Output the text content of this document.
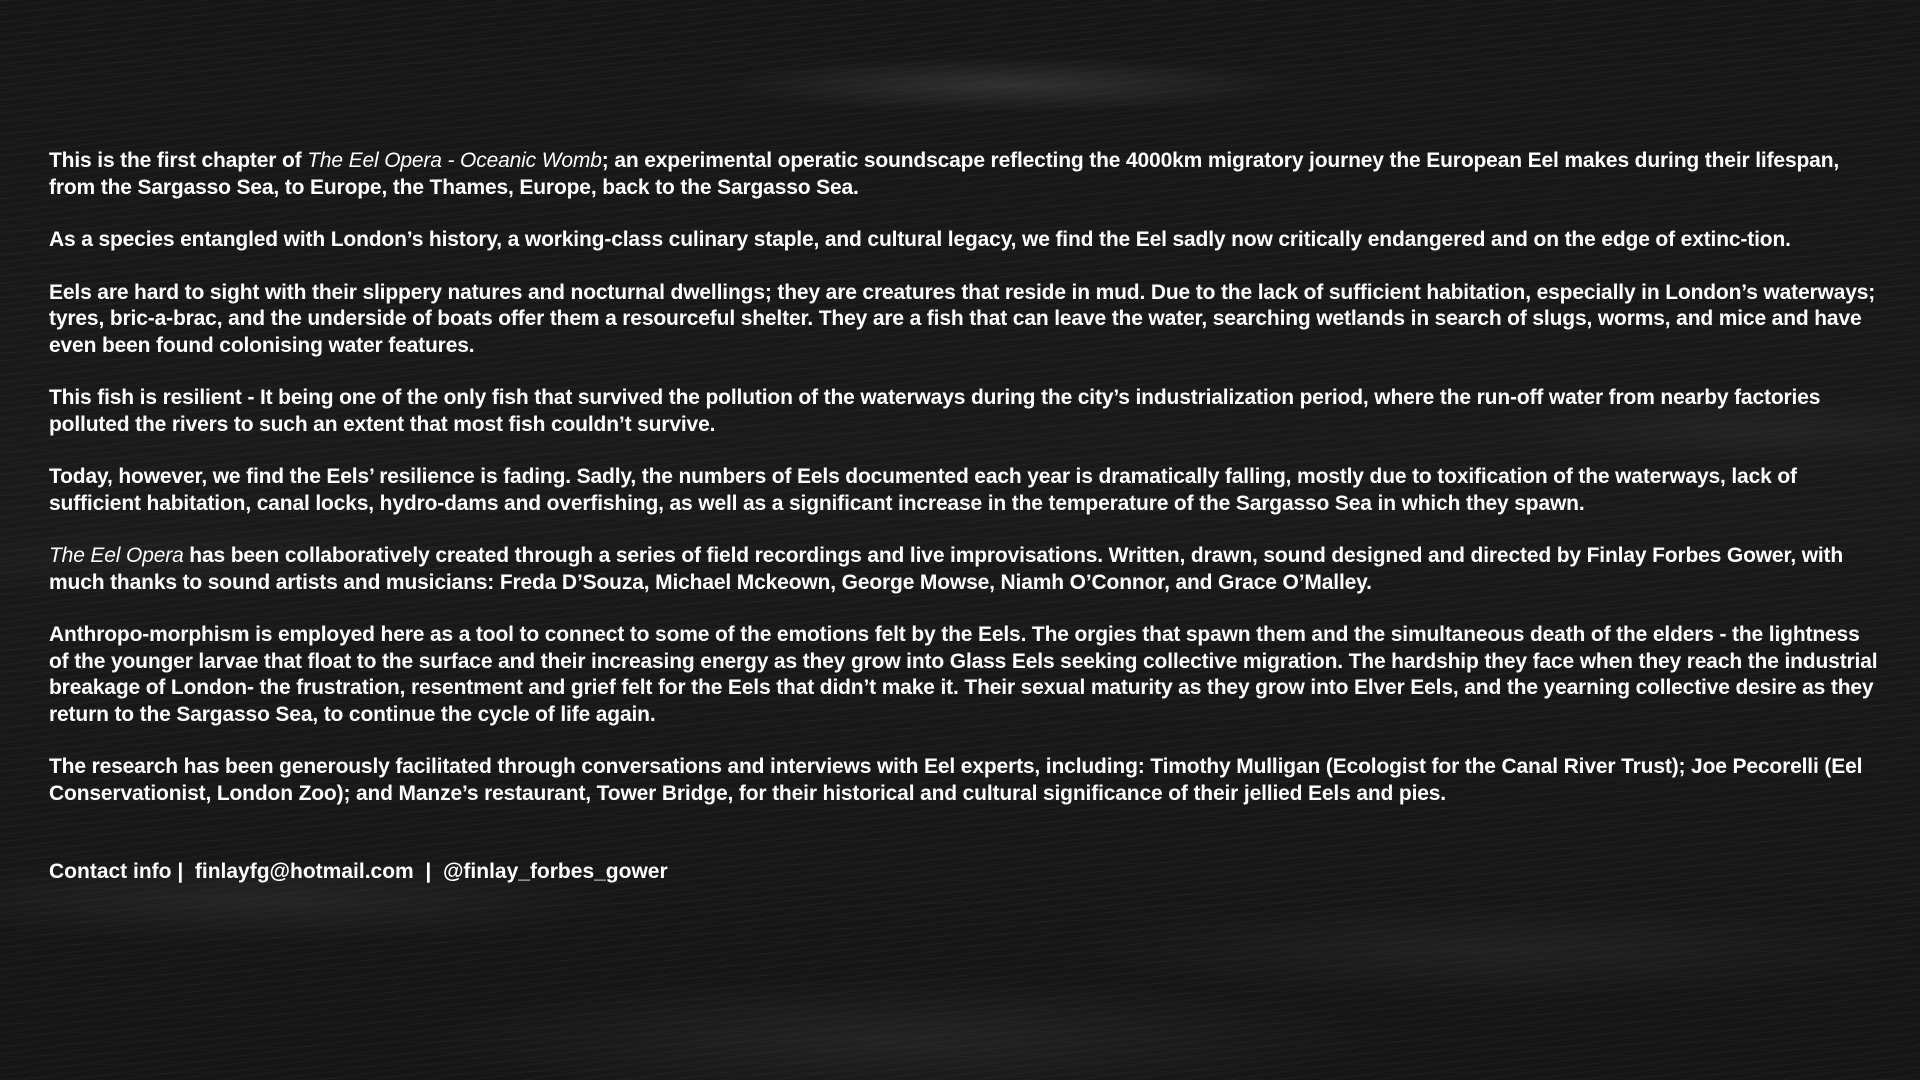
This is the first chapter of The Eel Opera - Oceanic Womb; an experimental operatic soundscape reflecting the 4000km migratory journey the European Eel makes during their lifespan, from the Sargasso Sea, to Europe, the Thames, Europe, back to the Sargasso Sea.

As a species entangled with London’s history, a working-class culinary staple, and cultural legacy, we find the Eel sadly now critically endangered and on the edge of extinc-tion.

Eels are hard to sight with their slippery natures and nocturnal dwellings; they are creatures that reside in mud. Due to the lack of sufficient habitation, especially in London’s waterways; tyres, bric-a-brac, and the underside of boats offer them a resourceful shelter. They are a fish that can leave the water, searching wetlands in search of slugs, worms, and mice and have even been found colonising water features.

This fish is resilient - It being one of the only fish that survived the pollution of the waterways during the city’s industrialization period, where the run-off water from nearby factories polluted the rivers to such an extent that most fish couldn’t survive.

Today, however, we find the Eels’ resilience is fading. Sadly, the numbers of Eels documented each year is dramatically falling, mostly due to toxification of the waterways, lack of sufficient habitation, canal locks, hydro-dams and overfishing, as well as a significant increase in the temperature of the Sargasso Sea in which they spawn.

The Eel Opera has been collaboratively created through a series of field recordings and live improvisations. Written, drawn, sound designed and directed by Finlay Forbes Gower, with much thanks to sound artists and musicians: Freda D’Souza, Michael Mckeown, George Mowse, Niamh O’Connor, and Grace O’Malley.

Anthropo-morphism is employed here as a tool to connect to some of the emotions felt by the Eels. The orgies that spawn them and the simultaneous death of the elders - the lightness of the younger larvae that float to the surface and their increasing energy as they grow into Glass Eels seeking collective migration. The hardship they face when they reach the industrial breakage of London- the frustration, resentment and grief felt for the Eels that didn’t make it. Their sexual maturity as they grow into Elver Eels, and the yearning collective desire as they return to the Sargasso Sea, to continue the cycle of life again.

The research has been generously facilitated through conversations and interviews with Eel experts, including: Timothy Mulligan (Ecologist for the Canal River Trust); Joe Pecorelli (Eel Conservationist, London Zoo); and Manze’s restaurant, Tower Bridge, for their historical and cultural significance of their jellied Eels and pies.

Contact info |  finlayfg@hotmail.com  |  @finlay_forbes_gower
